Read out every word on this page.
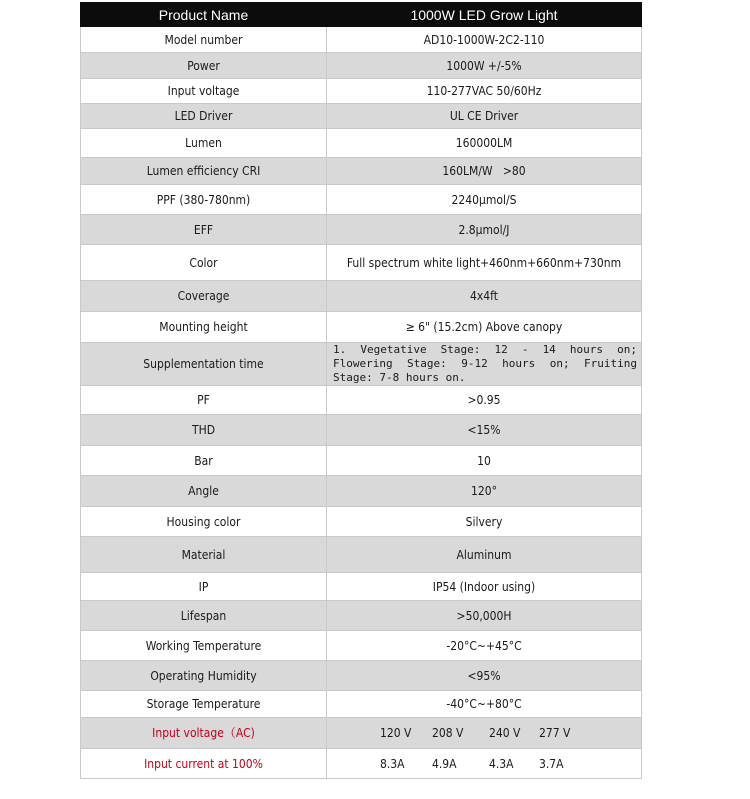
Product Name	1000W LED Grow Light
Model number	AD10-1000W-2C2-110
Power	1000W +/-5%
Input voltage	110-277VAC 50/60Hz
LED Driver	UL CE Driver
Lumen	160000LM
Lumen efficiency CRI	160LM/W   >80
PPF (380-780nm)	2240μmol/S
EFF	2.8μmol/J
Color	Full spectrum white light+460nm+660nm+730nm
Coverage	4x4ft
Mounting height	≥ 6" (15.2cm) Above canopy
Supplementation time	1. Vegetative Stage: 12 - 14 hours on; Flowering Stage: 9-12 hours on; Fruiting Stage: 7-8 hours on.
PF	>0.95
THD	<15%
Bar	10
Angle	120°
Housing color	Silvery
Material	Aluminum
IP	IP54 (Indoor using)
Lifespan	>50,000H
Working Temperature	-20°C~+45°C
Operating Humidity	<95%
Storage Temperature	-40°C~+80°C
Input voltage（AC)	120 V 208 V 240 V 277 V

Input current at 100%	8.3A 4.9A 4.3A 3.7A
